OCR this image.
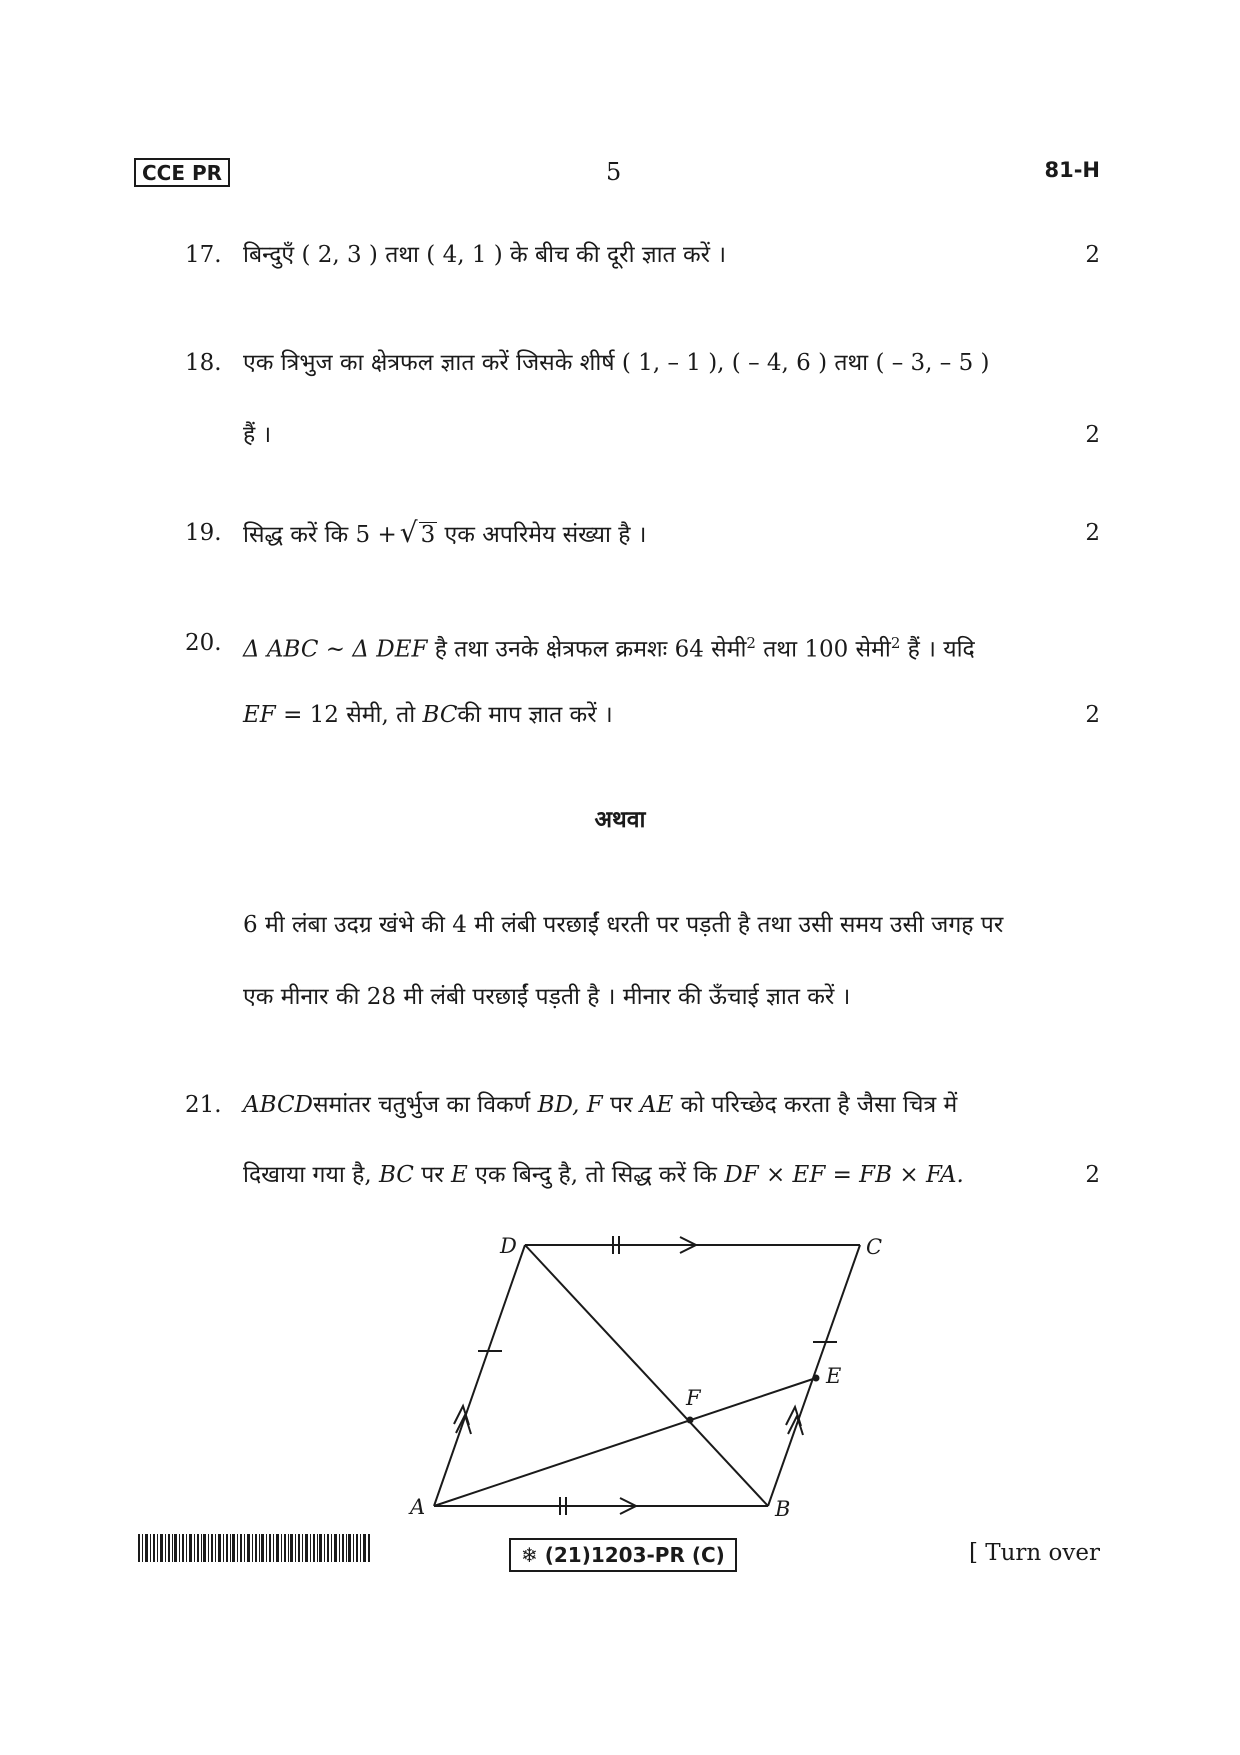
CCE PR	5	81-H
17. बिन्दुएँ ( 2, 3 ) तथा ( 4, 1 ) के बीच की दूरी ज्ञात करें ।	2
18. एक त्रिभुज का क्षेत्रफल ज्ञात करें जिसके शीर्ष ( 1, – 1 ), ( – 4, 6 ) तथा ( – 3, – 5 )
हैं ।	2
19. सिद्ध करें कि 5 + √ 3 एक अपरिमेय संख्या है ।	2
20. Δ ABC ~ Δ DEF है तथा उनके क्षेत्रफल क्रमशः 64 सेमी$^2$ तथा 100 सेमी$^2$ हैं । यदि
EF = 12 सेमी, तो BCकी माप ज्ञात करें ।	2
अथवा
6 मी लंबा उदग्र खंभे की 4 मी लंबी परछाईं धरती पर पड़ती है तथा उसी समय उसी जगह पर
एक मीनार की 28 मी लंबी परछाईं पड़ती है । मीनार की ऊँचाई ज्ञात करें ।
21. ABCDसमांतर चतुर्भुज का विकर्ण BD, F पर AE को परिच्छेद करता है जैसा चित्र में
दिखाया गया है, BC पर E एक बिन्दु है, तो सिद्ध करें कि DF × EF = FB × FA.	2
A	B
C
D
E
F
❄ (21)1203-PR (C)	[ Turn over
